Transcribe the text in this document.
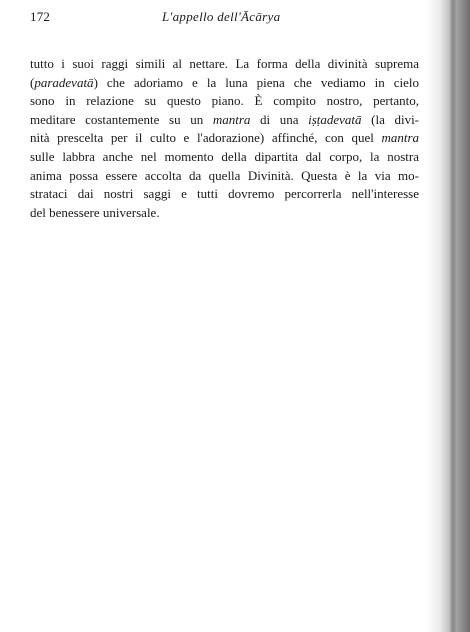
172	L'appello dell'Ācārya

tutto i suoi raggi simili al nettare. La forma della divinità suprema
(paradevatā) che adoriamo e la luna piena che vediamo in cielo
sono in relazione su questo piano. È compito nostro, pertanto,
meditare costantemente su un mantra di una iṣṭadevatā (la divi-
nità prescelta per il culto e l'adorazione) affinché, con quel mantra
sulle labbra anche nel momento della dipartita dal corpo, la nostra
anima possa essere accolta da quella Divinità. Questa è la via mo-
strataci dai nostri saggi e tutti dovremo percorrerla nell'interesse
del benessere universale.
